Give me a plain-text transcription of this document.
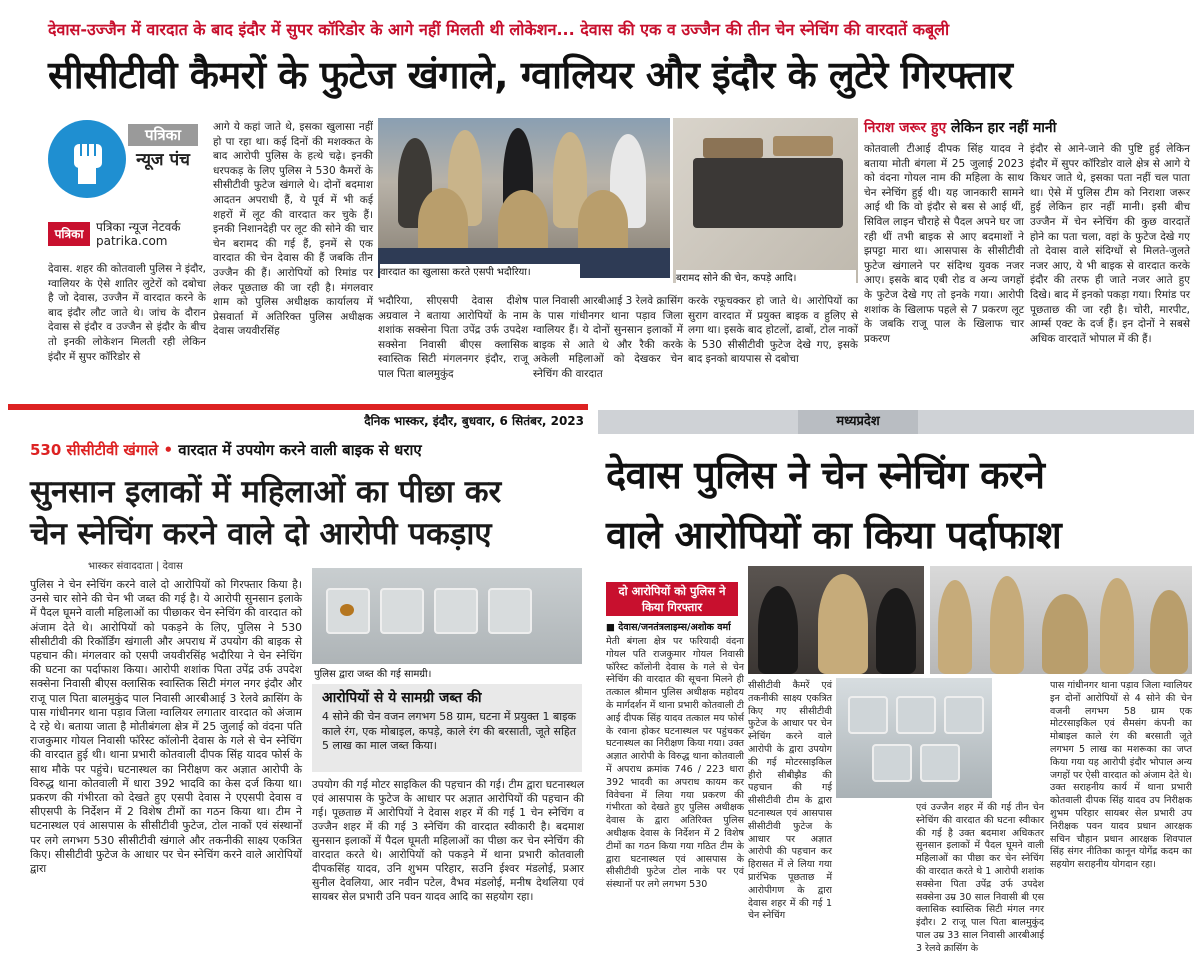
देवास-उज्जैन में वारदात के बाद इंदौर में सुपर कॉरिडोर के आगे नहीं मिलती थी लोकेशन... देवास की एक व उज्जैन की तीन चेन स्नेचिंग की वारदातें कबूली
सीसीटीवी कैमरों के फुटेज खंगाले, ग्वालियर और इंदौर के लुटेरे गिरफ्तार
पत्रिका
न्यूज पंच
पत्रिका	पत्रिका न्यूज नेटवर्क
patrika.com
देवास. शहर की कोतवाली पुलिस ने इंदौर, ग्वालियर के ऐसे शातिर लुटेरों को दबोचा है जो देवास, उज्जैन में वारदात करने के बाद इंदौर लौट जाते थे। जांच के दौरान देवास से इंदौर व उज्जैन से इंदौर के बीच तो इनकी लोकेशन मिलती रही लेकिन इंदौर में सुपर कॉरिडोर से
आगे ये कहां जाते थे, इसका खुलासा नहीं हो पा रहा था। कई दिनों की मशक्कत के बाद आरोपी पुलिस के हत्थे चढ़े। इनकी धरपकड़ के लिए पुलिस ने 530 कैमरों के सीसीटीवी फुटेज खंगाले थे। दोनों बदमाश आदतन अपराधी हैं, ये पूर्व में भी कई शहरों में लूट की वारदात कर चुके हैं। इनकी निशानदेही पर लूट की सोने की चार चेन बरामद की गई हैं, इनमें से एक वारदात की चेन देवास की हैं जबकि तीन उज्जैन की हैं। आरोपियों को रिमांड पर लेकर पूछताछ की जा रही है। मंगलवार शाम को पुलिस अधीक्षक कार्यालय में प्रेसवार्ता में अतिरिक्त पुलिस अधीक्षक देवास जयवीरसिंह
वारदात का खुलासा करते एसपी भदौरिया।
बरामद सोने की चेन, कपड़े आदि।
भदौरिया, सीएसपी देवास दीशेष अग्रवाल ने बताया आरोपियों के नाम शशांक सक्सेना पिता उपेंद्र उर्फ उपदेश सक्सेना निवासी बीएस क्लासिक स्वास्तिक सिटी मंगलनगर इंदौर, राजू पाल पिता बालमुकुंद
पाल निवासी आरबीआई 3 रेलवे क्रासिंग के पास गांधीनगर थाना पड़ाव जिला ग्वालियर हैं। ये दोनों सुनसान इलाकों में बाइक से आते थे और रैकी करके अकेली महिलाओं को देखकर चेन स्नेचिंग की वारदात
करके रफूचक्कर हो जाते थे। आरोपियों का सुराग वारदात में प्रयुक्त बाइक व हुलिए से लगा था। इसके बाद होटलों, ढाबों, टोल नाकों के 530 सीसीटीवी फुटेज देखे गए, इसके बाद इनको बायपास से दबोचा
निराश जरूर हुए लेकिन हार नहीं मानी
कोतवाली टीआई दीपक सिंह यादव ने बताया मोती बंगला में 25 जुलाई 2023 को वंदना गोयल नाम की महिला के साथ चेन स्नेचिंग हुई थी। यह जानकारी सामने आई थी कि वो इंदौर से बस से आई थीं, सिविल लाइन चौराहे से पैदल अपने घर जा रही थीं तभी बाइक से आए बदमाशों ने झपट्टा मारा था। आसपास के सीसीटीवी फुटेज खंगालने पर संदिग्ध युवक नजर आए। इसके बाद एबी रोड व अन्य जगहों के फुटेज देखे गए तो इनके गया। आरोपी शशांक के खिलाफ पहले से 7 प्रकरण लूट के जबकि राजू पाल के खिलाफ चार प्रकरण
इंदौर से आने-जाने की पुष्टि हुई लेकिन इंदौर में सुपर कॉरिडोर वाले क्षेत्र से आगे ये किधर जाते थे, इसका पता नहीं चल पाता था। ऐसे में पुलिस टीम को निराशा जरूर हुई लेकिन हार नहीं मानी। इसी बीच उज्जैन में चेन स्नेचिंग की कुछ वारदातें होने का पता चला, वहां के फुटेज देखे गए तो देवास वाले संदिग्धों से मिलते-जुलते नजर आए, ये भी बाइक से वारदात करके इंदौर की तरफ ही जाते नजर आते हुए दिखे। बाद में इनको पकड़ा गया। रिमांड पर पूछताछ की जा रही है। चोरी, मारपीट, आर्म्स एक्ट के दर्ज हैं। इन दोनों ने सबसे अधिक वारदातें भोपाल में की हैं।
दैनिक भास्कर, इंदौर, बुधवार, 6 सितंबर, 2023
530 सीसीटीवी खंगाले • वारदात में उपयोग करने वाली बाइक से धराए
सुनसान इलाकों में महिलाओं का पीछा कर
चेन स्नेचिंग करने वाले दो आरोपी पकड़ाए
भास्कर संवाददाता | देवास
पुलिस ने चेन स्नेचिंग करने वाले दो आरोपियों को गिरफ्तार किया है। उनसे चार सोने की चेन भी जब्त की गई है। ये आरोपी सुनसान इलाके में पैदल घूमने वाली महिलाओं का पीछाकर चेन स्नेचिंग की वारदात को अंजाम देते थे। आरोपियों को पकड़ने के लिए, पुलिस ने 530 सीसीटीवी की रिकॉर्डिंग खंगाली और अपराध में उपयोग की बाइक से पहचान की। मंगलवार को एसपी जयवीरसिंह भदौरिया ने चेन स्नेचिंग की घटना का पर्दाफाश किया। आरोपी शशांक पिता उपेंद्र उर्फ उपदेश सक्सेना निवासी बीएस क्लासिक स्वास्तिक सिटी मंगल नगर इंदौर और राजू पाल पिता बालमुकुंद पाल निवासी आरबीआई 3 रेलवे क्रासिंग के पास गांधीनगर थाना पड़ाव जिला ग्वालियर लगातार वारदात को अंजाम दे रहे थे। बताया जाता है मोतीबंगला क्षेत्र में 25 जुलाई को वंदना पति राजकुमार गोयल निवासी फॉरेस्ट कॉलोनी देवास के गले से चेन स्नेचिंग की वारदात हुई थी। थाना प्रभारी कोतवाली दीपक सिंह यादव फोर्स के साथ मौके पर पहुंचे। घटनास्थल का निरीक्षण कर अज्ञात आरोपी के विरुद्ध थाना कोतवाली में धारा 392 भादवि का केस दर्ज किया था। प्रकरण की गंभीरता को देखते हुए एसपी देवास ने एएसपी देवास व सीएसपी के निर्देशन में 2 विशेष टीमों का गठन किया था। टीम ने घटनास्थल एवं आसपास के सीसीटीवी फुटेज, टोल नाकों एवं संस्थानों पर लगे लगभग 530 सीसीटीवी खंगाले और तकनीकी साक्ष्य एकत्रित किए। सीसीटीवी फुटेज के आधार पर चेन स्नेचिंग करने वाले आरोपियों द्वारा
पुलिस द्वारा जब्त की गई सामग्री।
आरोपियों से ये सामग्री जब्त की
4 सोने की चेन वजन लगभग 58 ग्राम, घटना में प्रयुक्त 1 बाइक काले रंग, एक मोबाइल, कपड़े, काले रंग की बरसाती, जूते सहित 5 लाख का माल जब्त किया।
उपयोग की गई मोटर साइकिल की पहचान की गई। टीम द्वारा घटनास्थल एवं आसपास के फुटेज के आधार पर अज्ञात आरोपियों की पहचान की गई। पूछताछ में आरोपियों ने देवास शहर में की गई 1 चेन स्नेचिंग व उज्जैन शहर में की गई 3 स्नेचिंग की वारदात स्वीकारी है। बदमाश सुनसान इलाकों में पैदल घूमती महिलाओं का पीछा कर चेन स्नेचिंग की वारदात करते थे। आरोपियों को पकड़ने में थाना प्रभारी कोतवाली दीपकसिंह यादव, उनि शुभम परिहार, सउनि ईश्वर मंडलोई, प्रआर सुनील देवलिया, आर नवीन पटेल, वैभव मंडलोई, मनीष देथलिया एवं सायबर सेल प्रभारी उनि पवन यादव आदि का सहयोग रहा।
मध्यप्रदेश
देवास पुलिस ने चेन स्नेचिंग करने
वाले आरोपियों का किया पर्दाफाश
दो आरोपियों को पुलिस ने किया गिरफ्तार
■ देवास/जनतंत्रलाइम्स/अशोक वर्मा
मेती बंगला क्षेत्र पर फरियादी वंदना गोयल पति राजकुमार गोयल निवासी फॉरेस्ट कॉलोनी देवास के गले से चेन स्नेचिंग की वारदात की सूचना मिलने ही तत्काल श्रीमान पुलिस अधीक्षक महोदय के मार्गदर्शन में थाना प्रभारी कोतवाली टी आई दीपक सिंह यादव तत्काल मय फोर्स के रवाना होकर घटनास्थल पर पहुंचकर घटनास्थल का निरीक्षण किया गया। उक्त अज्ञात आरोपी के विरुद्ध थाना कोतवाली में अपराध क्रमांक 746 / 223 धारा 392 भादवी का अपराध कायम कर विवेचना में लिया गया प्रकरण की गंभीरता को देखते हुए पुलिस अधीक्षक देवास के द्वारा अतिरिक्त पुलिस अधीक्षक देवास के निर्देशन में 2 विशेष टीमों का गठन किया गया गठित टीम के द्वारा घटनास्थल एवं आसपास के सीसीटीवी फुटेज टोल नाके पर एवं संस्थानों पर लगे लगभग 530
सीसीटीवी कैमरें एवं तकनीकी साक्ष्य एकत्रित किए गए सीसीटीवी फुटेज के आधार पर चेन स्नेचिंग करने वाले आरोपी के द्वारा उपयोग की गई मोटरसाइकिल हीरो सीबीझैड की पहचान की गई सीसीटीवी टीम के द्वारा घटनास्थल एवं आसपास सीसीटीवी फुटेज के आधार पर अज्ञात आरोपी की पहचान कर हिरासत में ले लिया गया प्रारंभिक पूछताछ में आरोपीगण के द्वारा देवास शहर में की गई 1 चेन स्नेचिंग
एवं उज्जैन शहर में की गई तीन चेन स्नेचिंग की वारदात की घटना स्वीकार की गई है उक्त बदमाश अधिकतर सुनसान इलाकों में पैदल घूमने वाली महिलाओं का पीछा कर चेन स्नेचिंग की वारदात करते थे 1 आरोपी शशांक सक्सेना पिता उपेंद्र उर्फ उपदेश सक्सेना उम्र 30 साल निवासी बी एस क्लासिक स्वास्तिक सिटी मंगल नगर इंदौर। 2 राजू पाल पिता बालमुकुंद पाल उम्र 33 साल निवासी आरबीआई 3 रेलवे क्रासिंग के
पास गांधीनगर थाना पड़ाव जिला ग्वालियर इन दोनों आरोपियों से 4 सोने की चेन वजनी लगभग 58 ग्राम एक मोटरसाइकिल एवं सैमसंग कंपनी का मोबाइल काले रंग की बरसाती जूते लगभग 5 लाख का मशरूका का जप्त किया गया यह आरोपी इंदौर भोपाल अन्य जगहों पर ऐसी वारदात को अंजाम देते थे। उक्त सराहनीय कार्य में थाना प्रभारी कोतवाली दीपक सिंह यादव उप निरीक्षक शुभम परिहार सायबर सेल प्रभारी उप निरीक्षक पवन यादव प्रधान आरक्षक सचिन चौहान प्रधान आरक्षक शिवपाल सिंह संगर नीतिका कानून योगेंद्र कदम का सहयोग सराहनीय योगदान रहा।
